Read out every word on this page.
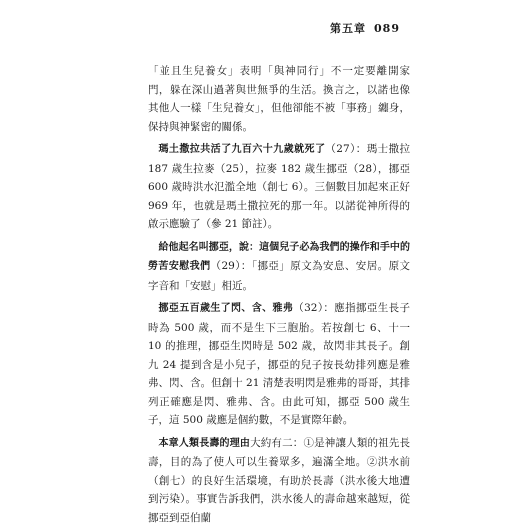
第五章 089

「並且生兒養女」表明「與神同行」不一定要離開家門，躲在深山過著與世無爭的生活。換言之，以諾也像其他人一樣「生兒養女」，但他卻能不被「事務」纏身，保持與神緊密的關係。

瑪土撒拉共活了九百六十九歲就死了（27）：瑪士撒拉 187 歲生拉麥（25），拉麥 182 歲生挪亞（28），挪亞 600 歲時洪水氾濫全地（創七 6）。三個數目加起來正好 969 年，也就是瑪土撒拉死的那一年。以諾從神所得的啟示應驗了（參 21 節註）。

給他起名叫挪亞，說：這個兒子必為我們的操作和手中的勞苦安慰我們（29）：「挪亞」原文為安息、安居。原文字音和「安慰」相近。

挪亞五百歲生了閃、含、雅弗（32）：應指挪亞生長子時為 500 歲，而不是生下三胞胎。若按創七 6、十一 10 的推理，挪亞生閃時是 502 歲，故閃非其長子。創九 24 提到含是小兒子，挪亞的兒子按長幼排列應是雅弗、閃、含。但創十 21 清楚表明閃是雅弗的哥哥，其排列正確應是閃、雅弗、含。由此可知，挪亞 500 歲生子，這 500 歲應是個約數，不是實際年齡。

本章人類長壽的理由大約有二：①是神讓人類的祖先長壽，目的為了使人可以生養眾多，遍滿全地。②洪水前（創七）的良好生活環境，有助於長壽（洪水後大地遭到污染）。事實告訴我們，洪水後人的壽命越來越短，從挪亞到亞伯蘭
